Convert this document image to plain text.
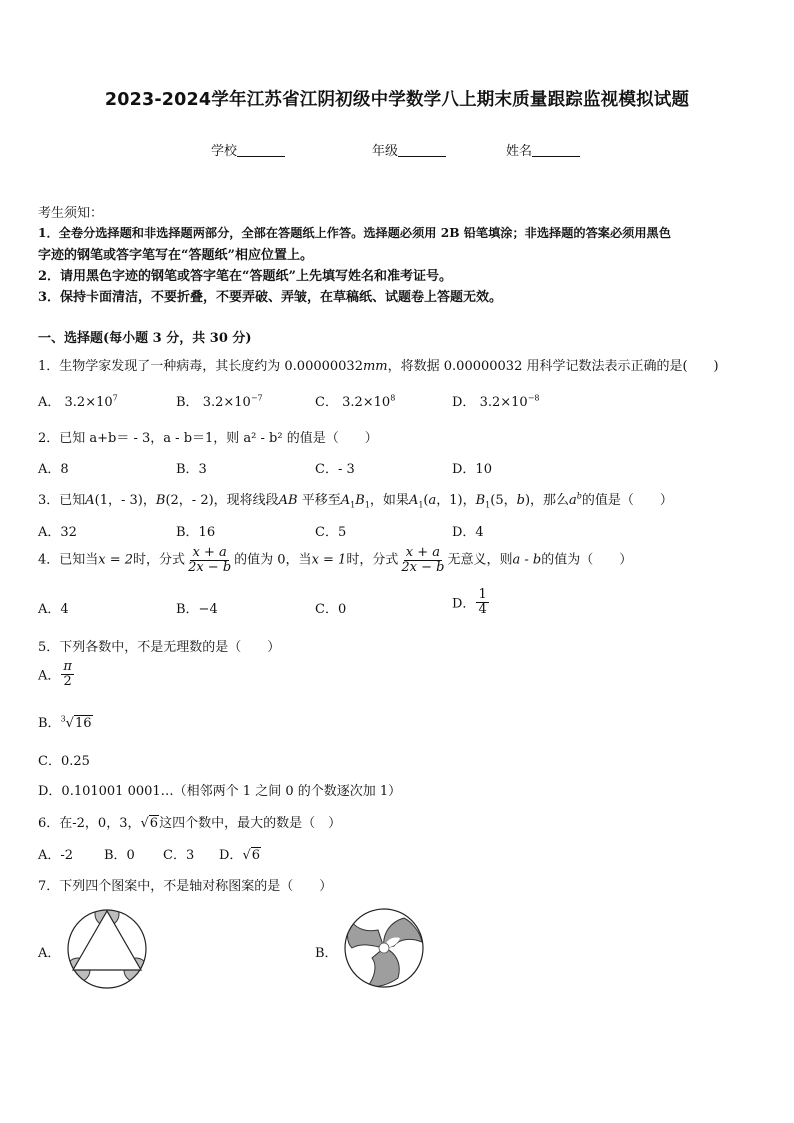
2023-2024学年江苏省江阴初级中学数学八上期末质量跟踪监视模拟试题
学校	年级	姓名
考生须知：
1．全卷分选择题和非选择题两部分，全部在答题纸上作答。选择题必须用 2B 铅笔填涂；非选择题的答案必须用黑色
字迹的钢笔或答字笔写在“答题纸”相应位置上。
2．请用黑色字迹的钢笔或答字笔在“答题纸”上先填写姓名和准考证号。
3．保持卡面清洁，不要折叠，不要弄破、弄皱，在草稿纸、试题卷上答题无效。
一、选择题(每小题 3 分，共 30 分)
1．生物学家发现了一种病毒，其长度约为 0.00000032mm，将数据 0.00000032 用科学记数法表示正确的是(　　)
A． $3.2\times 10^7$	B． $3.2\times 10^{-7}$	C． $3.2\times 10^8$	D． $3.2\times 10^{-8}$
2．已知 a+b＝ - 3，a - b＝1，则 a² - b² 的值是（　　）
A．8	B．3	C．- 3	D．10
3．已知A(1，- 3)，B(2，- 2)，现将线段AB 平移至$A_1B_1$，如果$A_1(a$，1)，$B_1(5$，b)，那么$a^b$的值是（　　）
A．32	B．16	C．5	D．4
4．已知当x = 2时，分式 $\frac{x + a}{2x - b}$ 的值为 0，当x = 1时，分式 $\frac{x + a}{2x - b}$ 无意义，则a - b的值为（　　）
A．4	B．−4	C．0	D． $\frac{1}{4}$
5．下列各数中，不是无理数的是（　　）
A． $\frac{\pi}{2}$
B．$^3$√16
C．0.25
D．0.101001 0001…（相邻两个 1 之间 0 的个数逐次加 1）
6．在-2，0，3，√6这四个数中，最大的数是（　）
A．-2 B．0 C．3 D．√6
7．下列四个图案中，不是轴对称图案的是（　　）
A．	B．
